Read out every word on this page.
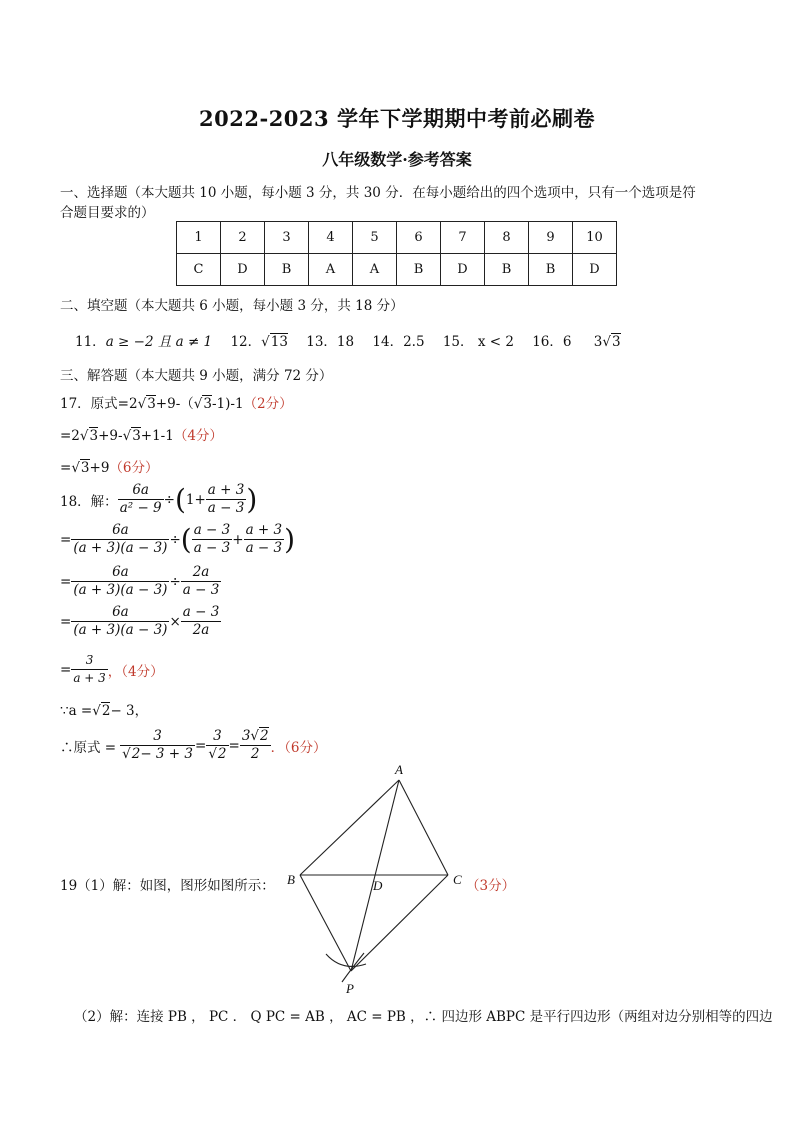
2022-2023 学年下学期期中考前必刷卷
八年级数学·参考答案
一、选择题（本大题共 10 小题，每小题 3 分，共 30 分．在每小题给出的四个选项中，只有一个选项是符
合题目要求的）
1	2	3	4	5	6	7	8	9	10
C	D	B	A	A	B	D	B	B	D
二、填空题（本大题共 6 小题，每小题 3 分，共 18 分）
11．a ≥ −2 且 a ≠ 1 12．√13 13．18 14．2.5 15． x < 2 16．6 3√3
三、解答题（本大题共 9 小题，满分 72 分）
17．原式=2√3+9-（√3-1)-1（2分）
=2√3+9-√3+1-1（4分）
=√3+9（6分）
18．解： $\frac{6a}{\text{a² − 9}}$ ÷ ( $1+ \frac{a + 3}{a - 3}$ )
= $\frac{6a}{(a + 3)(a - 3)}$ ÷ ( $\frac{a - 3}{a - 3} + \frac{a + 3}{a - 3}$ )
= $\frac{6a}{(a + 3)(a - 3)} \div \frac{2a}{a - 3}$
= $\frac{6a}{(a + 3)(a - 3)} \times \frac{a - 3}{2a}$
= $\frac{3}{a + 3}$ ，（4分）
∵a =√2− 3，
∴原式 = $\frac{3}{√2- 3 + 3} = \frac{3}{√2} = \frac{3√2}{2}$ ．（6分）
19（1）解：如图，图形如图所示：
A
B	C
D
P
（3分）
（2）解：连接 PB ， PC ． Q PC = AB ， AC = PB ，∴ 四边形 ABPC 是平行四边形（两组对边分别相等的四边
